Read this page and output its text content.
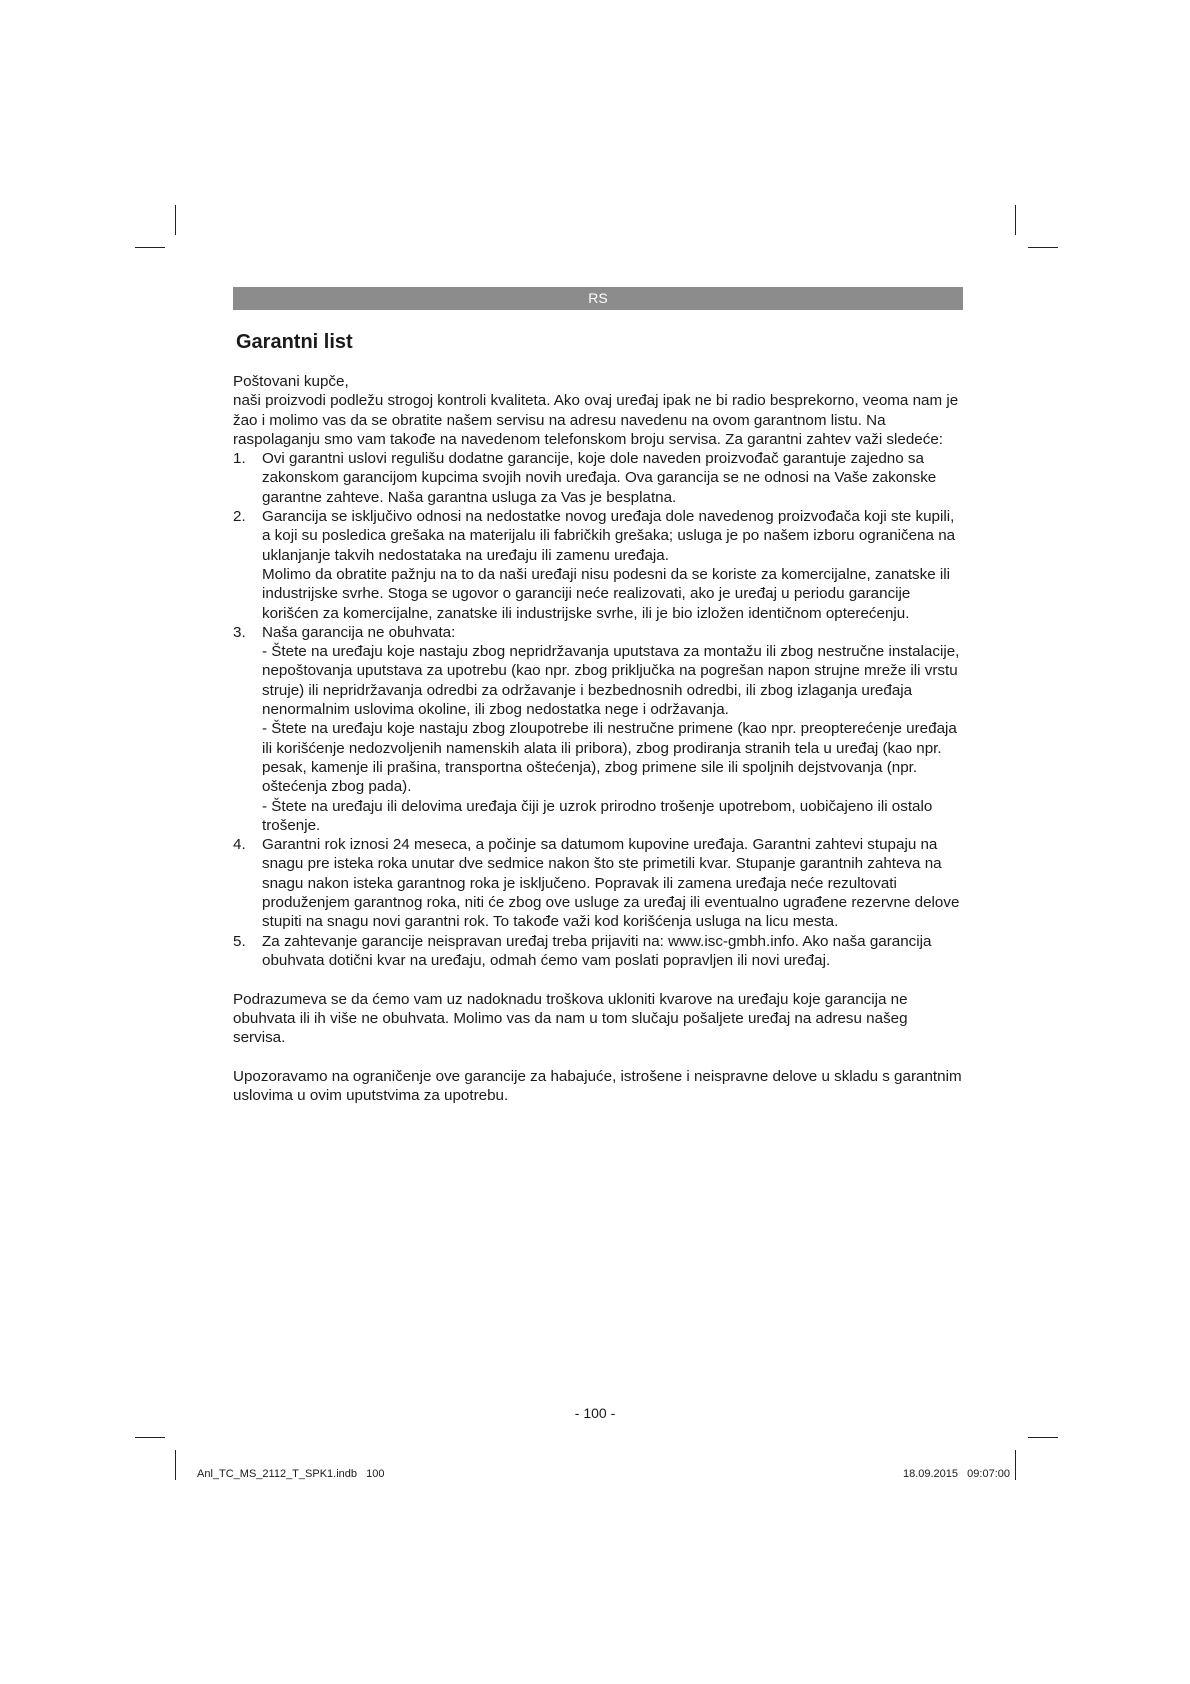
RS
Garantni list

Poštovani kupče,

naši proizvodi podležu strogoj kontroli kvaliteta. Ako ovaj uređaj ipak ne bi radio besprekorno, veoma nam je žao i molimo vas da se obratite našem servisu na adresu navedenu na ovom garantnom listu. Na raspolaganju smo vam takođe na navedenom telefonskom broju servisa. Za garantni zahtev važi sledeće:

1.	Ovi garantni uslovi regulišu dodatne garancije, koje dole naveden proizvođač garantuje zajedno sa zakonskom garancijom kupcima svojih novih uređaja. Ova garancija se ne odnosi na Vaše zakonske garantne zahteve. Naša garantna usluga za Vas je besplatna.

2.	Garancija se isključivo odnosi na nedostatke novog uređaja dole navedenog proizvođača koji ste kupili, a koji su posledica grešaka na materijalu ili fabričkih grešaka; usluga je po našem izboru ograničena na uklanjanje takvih nedostataka na uređaju ili zamenu uređaja.

Molimo da obratite pažnju na to da naši uređaji nisu podesni da se koriste za komercijalne, zanatske ili industrijske svrhe. Stoga se ugovor o garanciji neće realizovati, ako je uređaj u periodu garancije korišćen za komercijalne, zanatske ili industrijske svrhe, ili je bio izložen identičnom opterećenju.

3.	Naša garancija ne obuhvata:

- Štete na uređaju koje nastaju zbog nepridržavanja uputstava za montažu ili zbog nestručne instalacije, nepoštovanja uputstava za upotrebu (kao npr. zbog priključka na pogrešan napon strujne mreže ili vrstu struje) ili nepridržavanja odredbi za održavanje i bezbednosnih odredbi, ili zbog izlaganja uređaja nenormalnim uslovima okoline, ili zbog nedostatka nege i održavanja.

- Štete na uređaju koje nastaju zbog zloupotrebe ili nestručne primene (kao npr. preopterećenje uređaja ili korišćenje nedozvoljenih namenskih alata ili pribora), zbog prodiranja stranih tela u uređaj (kao npr. pesak, kamenje ili prašina, transportna oštećenja), zbog primene sile ili spoljnih dejstvovanja (npr. oštećenja zbog pada).

- Štete na uređaju ili delovima uređaja čiji je uzrok prirodno trošenje upotrebom, uobičajeno ili ostalo trošenje.

4.	Garantni rok iznosi 24 meseca, a počinje sa datumom kupovine uređaja. Garantni zahtevi stupaju na snagu pre isteka roka unutar dve sedmice nakon što ste primetili kvar. Stupanje garantnih zahteva na snagu nakon isteka garantnog roka je isključeno. Popravak ili zamena uređaja neće rezultovati produženjem garantnog roka, niti će zbog ove usluge za uređaj ili eventualno ugrađene rezervne delove stupiti na snagu novi garantni rok. To takođe važi kod korišćenja usluga na licu mesta.

5.	Za zahtevanje garancije neispravan uređaj treba prijaviti na: www.isc-gmbh.info. Ako naša garancija obuhvata dotični kvar na uređaju, odmah ćemo vam poslati popravljen ili novi uređaj.

Podrazumeva se da ćemo vam uz nadoknadu troškova ukloniti kvarove na uređaju koje garancija ne obuhvata ili ih više ne obuhvata. Molimo vas da nam u tom slučaju pošaljete uređaj na adresu našeg servisa.

Upozoravamo na ograničenje ove garancije za habajuće, istrošene i neispravne delove u skladu s garantnim uslovima u ovim uputstvima za upotrebu.

- 100 -
Anl_TC_MS_2112_T_SPK1.indb   100	18.09.2015   09:07:00
